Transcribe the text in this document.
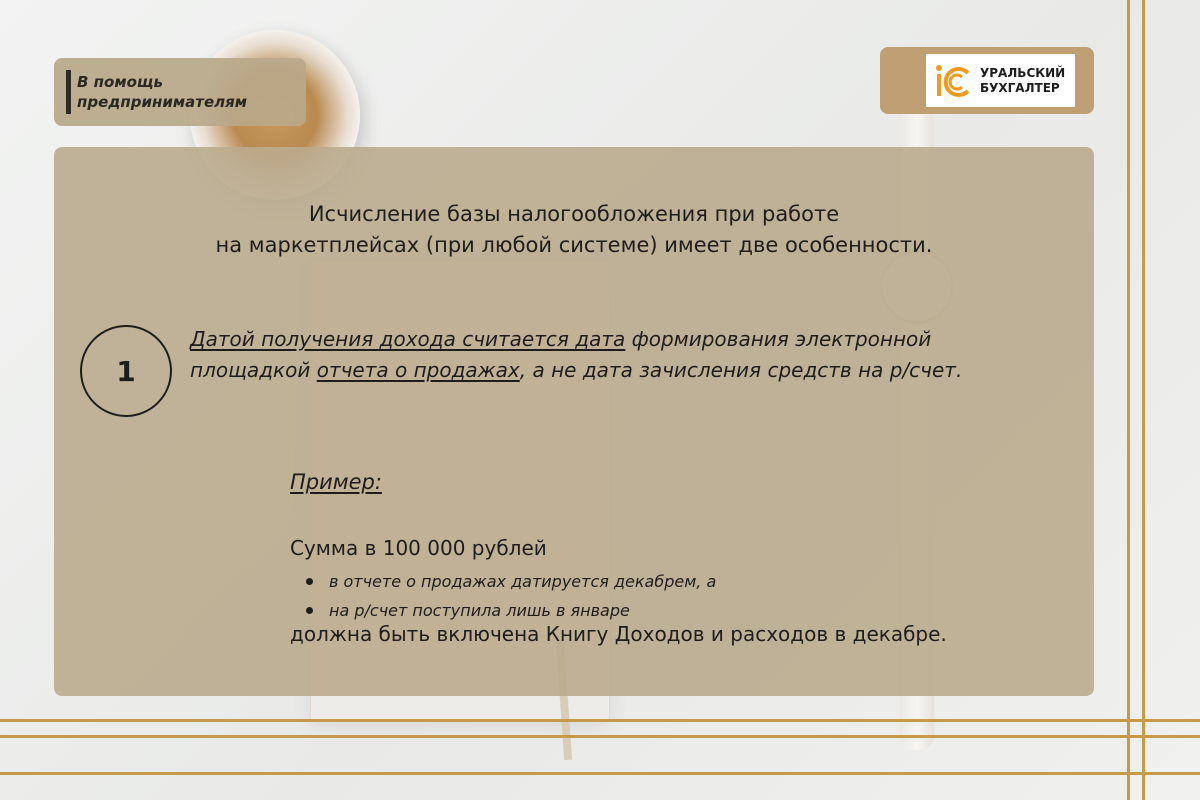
В помощь
предпринимателям
УРАЛЬСКИЙ
БУХГАЛТЕР
Исчисление базы налогообложения при работе
на маркетплейсах (при любой системе) имеет две особенности.
1
Датой получения дохода считается дата формирования электронной площадкой отчета о продажах, а не дата зачисления средств на р/счет.
Пример:
Сумма в 100 000 рублей
в отчете о продажах датируется декабрем, а
на р/счет поступила лишь в январе
должна быть включена Книгу Доходов и расходов в декабре.
